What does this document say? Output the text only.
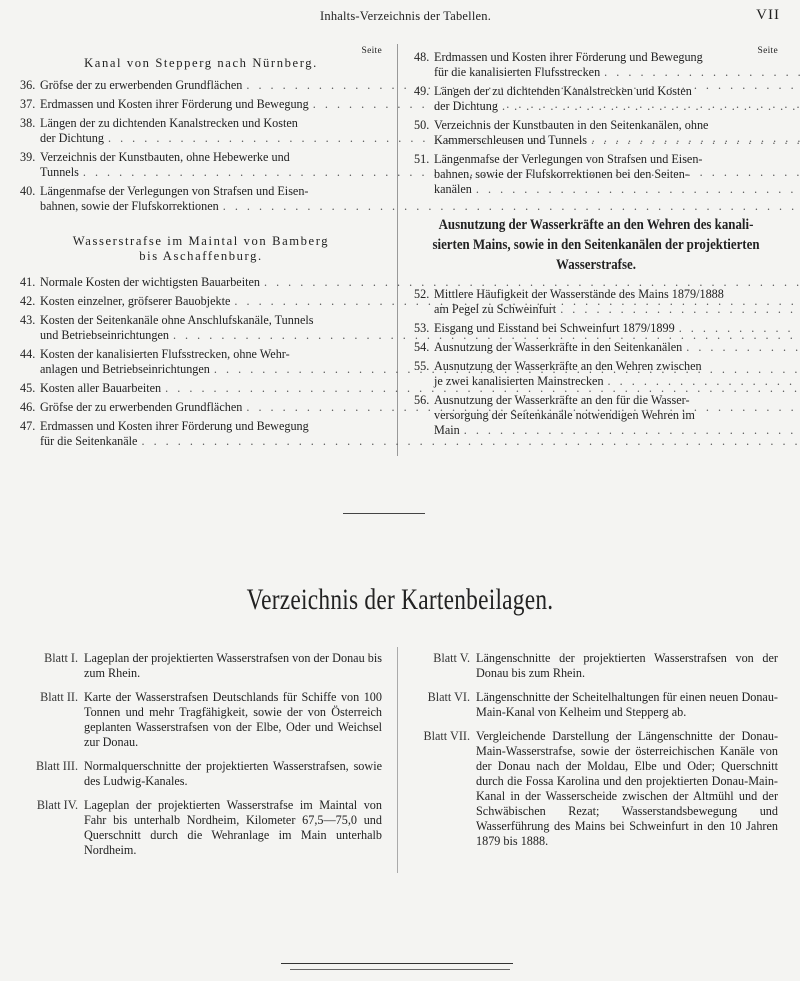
Inhalts-Verzeichnis der Tabellen.	VII
Seite
Kanal von Stepperg nach Nürnberg.
36. Gröfse der zu erwerbenden Grundflächen
. . .
37. Erdmassen und Kosten ihrer Förderung und Bewegung
. . .
38. Längen der zu dichtenden Kanalstrecken und Kosten
der Dichtung
. . .
39. Verzeichnis der Kunstbauten, ohne Hebewerke und
Tunnels
. . .
40. Längenmafse der Verlegungen von Strafsen und Eisen-
bahnen, sowie der Flufskorrektionen
. . .
Wasserstrafse im Maintal von Bamberg
bis Aschaffenburg.
41. Normale Kosten der wichtigsten Bauarbeiten
. . .
42. Kosten einzelner, gröfserer Bauobjekte
. . .
43. Kosten der Seitenkanäle ohne Anschlufskanäle, Tunnels
und Betriebseinrichtungen
. . .
44. Kosten der kanalisierten Flufsstrecken, ohne Wehr-
anlagen und Betriebseinrichtungen
. . .
45. Kosten aller Bauarbeiten
. . .
46. Gröfse der zu erwerbenden Grundflächen
. . .
47. Erdmassen und Kosten ihrer Förderung und Bewegung
für die Seitenkanäle
. . .
Seite
48. Erdmassen und Kosten ihrer Förderung und Bewegung
für die kanalisierten Flufsstrecken
. . .
49. Längen der zu dichtenden Kanalstrecken und Kosten
der Dichtung
. . .
50. Verzeichnis der Kunstbauten in den Seitenkanälen, ohne
Kammerschleusen und Tunnels
. . .
51. Längenmafse der Verlegungen von Strafsen und Eisen-
bahnen, sowie der Flufskorrektionen bei den Seiten-
kanälen
. . .
Ausnutzung der Wasserkräfte an den Wehren des kanali-
sierten Mains, sowie in den Seitenkanälen der projektierten
Wasserstrafse.
52. Mittlere Häufigkeit der Wasserstände des Mains 1879/1888
am Pegel zu Schweinfurt
. . .
53. Eisgang und Eisstand bei Schweinfurt 1879/1899
. . .
54. Ausnutzung der Wasserkräfte in den Seitenkanälen
. . .
55. Ausnutzung der Wasserkräfte an den Wehren zwischen
je zwei kanalisierten Mainstrecken
. . .
56. Ausnutzung der Wasserkräfte an den für die Wasser-
versorgung der Seitenkanäle notwendigen Wehren im
Main
. . .
Verzeichnis der Kartenbeilagen.
Blatt I. Lageplan der projektierten Wasserstrafsen von der Donau bis zum Rhein.
Blatt II. Karte der Wasserstrafsen Deutschlands für Schiffe von 100 Tonnen und mehr Tragfähigkeit, sowie der von Österreich geplanten Wasserstrafsen von der Elbe, Oder und Weichsel zur Donau.
Blatt III. Normalquerschnitte der projektierten Wasserstrafsen, sowie des Ludwig-Kanales.
Blatt IV. Lageplan der projektierten Wasserstrafse im Maintal von Fahr bis unterhalb Nordheim, Kilometer 67,5—75,0 und Querschnitt durch die Wehranlage im Main unterhalb Nordheim.
Blatt V. Längenschnitte der projektierten Wasserstrafsen von der Donau bis zum Rhein.
Blatt VI. Längenschnitte der Scheitelhaltungen für einen neuen Donau-Main-Kanal von Kelheim und Stepperg ab.
Blatt VII. Vergleichende Darstellung der Längenschnitte der Donau-Main-Wasserstrafse, sowie der österreichischen Kanäle von der Donau nach der Moldau, Elbe und Oder; Querschnitt durch die Fossa Karolina und den projektierten Donau-Main-Kanal in der Wasserscheide zwischen der Altmühl und der Schwäbischen Rezat; Wasserstandsbewegung und Wasserführung des Mains bei Schweinfurt in den 10 Jahren 1879 bis 1888.
